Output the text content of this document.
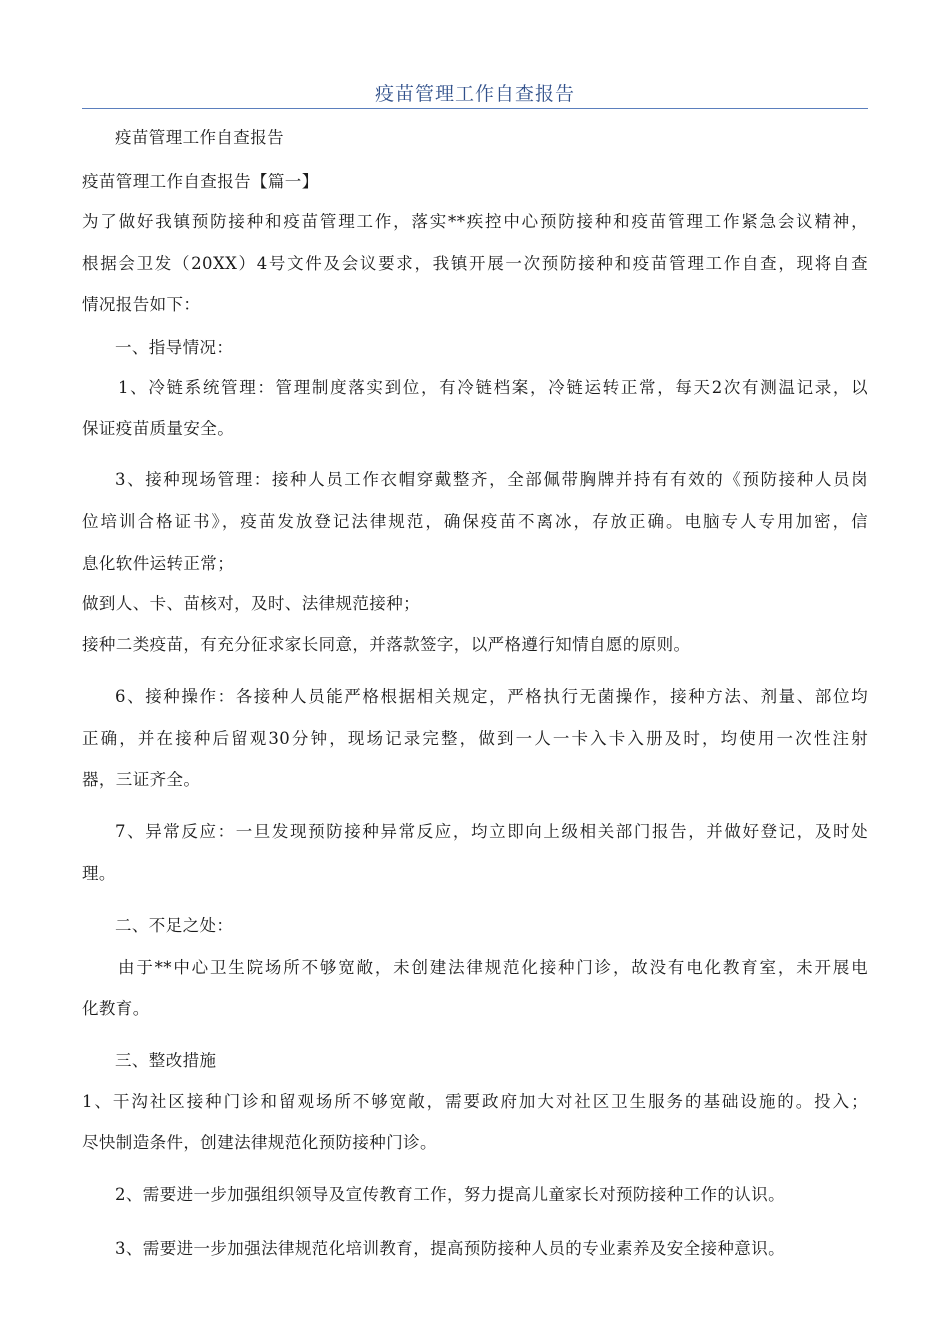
疫苗管理工作自查报告
疫苗管理工作自查报告
疫苗管理工作自查报告【篇一】
为了做好我镇预防接种和疫苗管理工作，落实**疾控中心预防接种和疫苗管理工作紧急会议精神，
根据会卫发（20XX）4号文件及会议要求，我镇开展一次预防接种和疫苗管理工作自查，现将自查
情况报告如下：
一、指导情况：
1、冷链系统管理：管理制度落实到位，有冷链档案，冷链运转正常，每天2次有测温记录，以
保证疫苗质量安全。
3、接种现场管理：接种人员工作衣帽穿戴整齐，全部佩带胸牌并持有有效的《预防接种人员岗
位培训合格证书》，疫苗发放登记法律规范，确保疫苗不离冰，存放正确。电脑专人专用加密，信
息化软件运转正常；
做到人、卡、苗核对，及时、法律规范接种；
接种二类疫苗，有充分征求家长同意，并落款签字，以严格遵行知情自愿的原则。
6、接种操作：各接种人员能严格根据相关规定，严格执行无菌操作，接种方法、剂量、部位均
正确，并在接种后留观30分钟，现场记录完整，做到一人一卡入卡入册及时，均使用一次性注射
器，三证齐全。
7、异常反应：一旦发现预防接种异常反应，均立即向上级相关部门报告，并做好登记，及时处
理。
二、不足之处：
由于**中心卫生院场所不够宽敞，未创建法律规范化接种门诊，故没有电化教育室，未开展电
化教育。
三、整改措施
1、干沟社区接种门诊和留观场所不够宽敞，需要政府加大对社区卫生服务的基础设施的。投入；
尽快制造条件，创建法律规范化预防接种门诊。
2、需要进一步加强组织领导及宣传教育工作，努力提高儿童家长对预防接种工作的认识。
3、需要进一步加强法律规范化培训教育，提高预防接种人员的专业素养及安全接种意识。
